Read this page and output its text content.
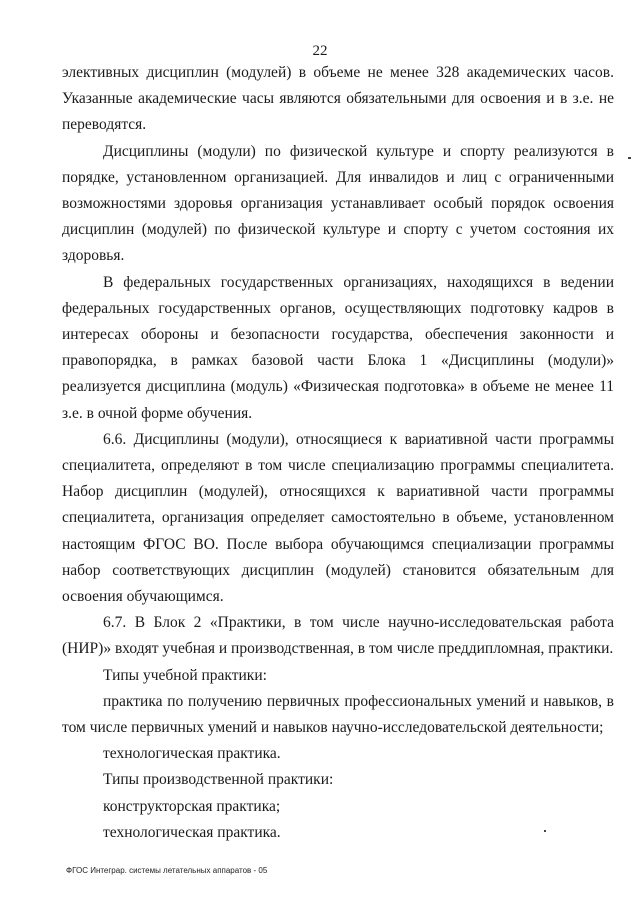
22

элективных дисциплин (модулей) в объеме не менее 328 академических часов. Указанные академические часы являются обязательными для освоения и в з.е. не переводятся.

Дисциплины (модули) по физической культуре и спорту реализуются в порядке, установленном организацией. Для инвалидов и лиц с ограниченными возможностями здоровья организация устанавливает особый порядок освоения дисциплин (модулей) по физической культуре и спорту с учетом состояния их здоровья.

В федеральных государственных организациях, находящихся в ведении федеральных государственных органов, осуществляющих подготовку кадров в интересах обороны и безопасности государства, обеспечения законности и правопорядка, в рамках базовой части Блока 1 «Дисциплины (модули)» реализуется дисциплина (модуль) «Физическая подготовка» в объеме не менее 11 з.е. в очной форме обучения.

6.6. Дисциплины (модули), относящиеся к вариативной части программы специалитета, определяют в том числе специализацию программы специалитета. Набор дисциплин (модулей), относящихся к вариативной части программы специалитета, организация определяет самостоятельно в объеме, установленном настоящим ФГОС ВО. После выбора обучающимся специализации программы набор соответствующих дисциплин (модулей) становится обязательным для освоения обучающимся.

6.7. В Блок 2 «Практики, в том числе научно-исследовательская работа (НИР)» входят учебная и производственная, в том числе преддипломная, практики.

Типы учебной практики:

практика по получению первичных профессиональных умений и навыков, в том числе первичных умений и навыков научно-исследовательской деятельности;

технологическая практика.

Типы производственной практики:

конструкторская практика;

технологическая практика.

ФГОС Интеграр. системы летательных аппаратов - 05
